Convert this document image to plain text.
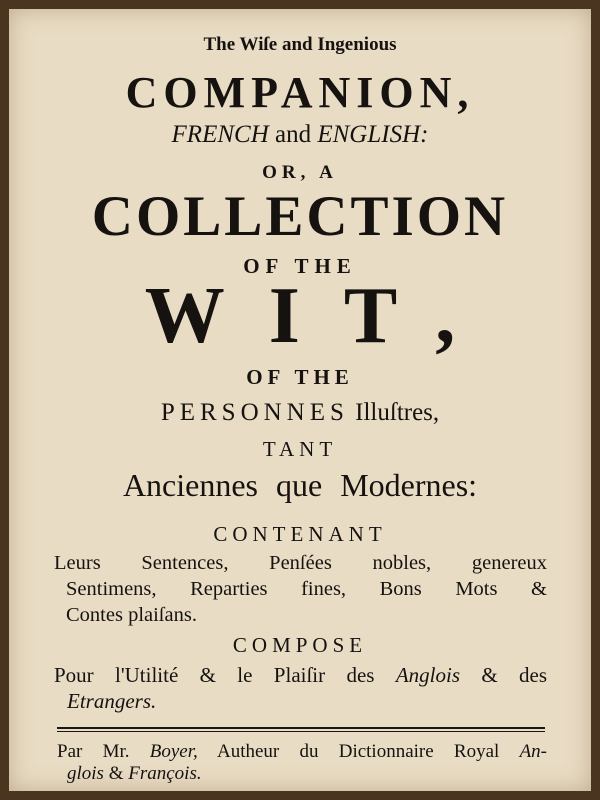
The Wiſe and Ingenious
COMPANION,
FRENCH and ENGLISH:
OR, A
COLLECTION
OF THE
WIT,
OF THE
PERSONNES Illuſtres,
TANT
Anciennes que Modernes:
CONTENANT
Leurs Sentences, Penſées nobles, genereux
Sentimens, Reparties fines, Bons Mots &
Contes plaiſans.
COMPOSE
Pour l'Utilité & le Plaiſir des Anglois & des
Etrangers.
Par Mr. Boyer, Autheur du Dictionnaire Royal An-
glois & François.
